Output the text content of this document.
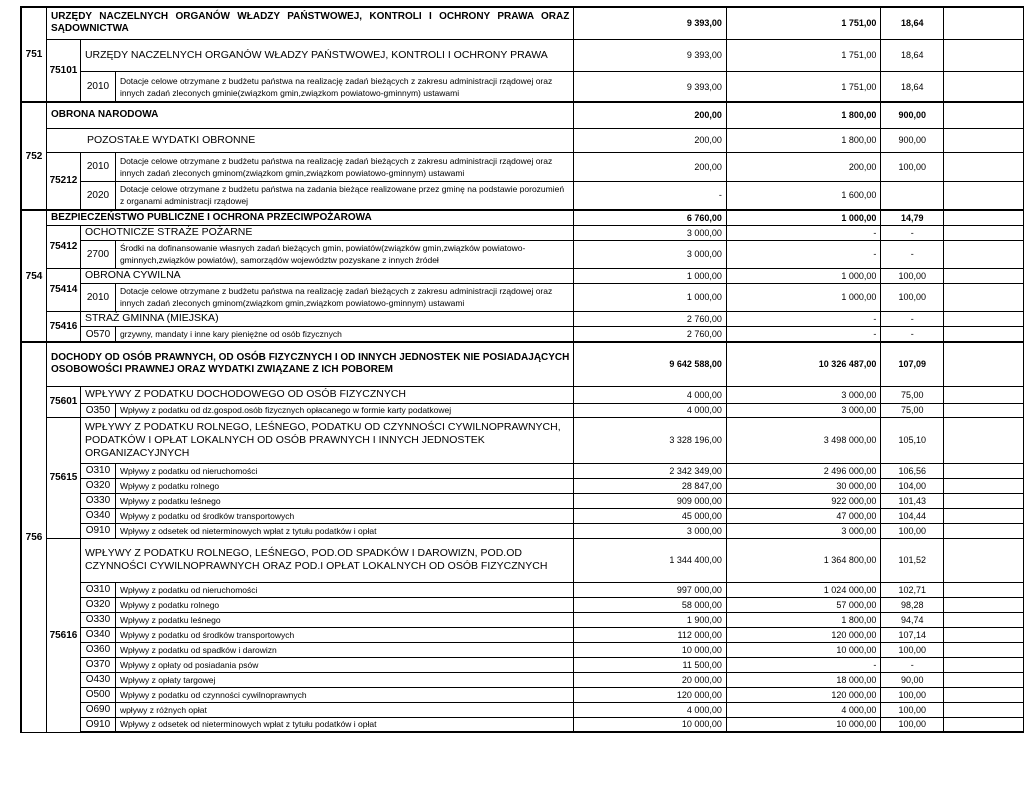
751	URZĘDY NACZELNYCH ORGANÓW WŁADZY PAŃSTWOWEJ, KONTROLI I OCHRONY PRAWA ORAZ SĄDOWNICTWA			9 393,00	1 751,00	18,64	
	75101	URZĘDY NACZELNYCH ORGANÓW WŁADZY PAŃSTWOWEJ, KONTROLI I OCHRONY PRAWA		9 393,00	1 751,00	18,64	
		2010	Dotacje celowe otrzymane z budżetu państwa na realizację zadań bieżących z zakresu administracji rządowej oraz innych zadań zleconych gminie(związkom gmin,związkom powiatowo-gminnym) ustawami	9 393,00	1 751,00	18,64	

752	OBRONA NARODOWA			200,00	1 800,00	900,00	
	POZOSTAŁE WYDATKI OBRONNE			200,00	1 800,00	900,00	
	75212	2010	Dotacje celowe otrzymane z budżetu państwa na realizację zadań bieżących z zakresu administracji rządowej oraz innych zadań zleconych gminom(związkom gmin,związkom powiatowo-gminnym) ustawami	200,00	200,00	100,00	
		2020	Dotacje celowe otrzymane z budżetu państwa na zadania bieżące realizowane przez gminę na podstawie porozumień z organami administracji rządowej	-	1 600,00		
754	BEZPIECZEŃSTWO PUBLICZNE I OCHRONA PRZECIWPOŻAROWA			6 760,00	1 000,00	14,79	
	75412	OCHOTNICZE STRAŻE POŻARNE		3 000,00	-	-	
		2700	Środki na dofinansowanie własnych zadań bieżących gmin, powiatów(związków gmin,związków powiatowo-gminnych,związków powiatów), samorządów województw pozyskane z innych źródeł	3 000,00	-	-	
	75414	OBRONA CYWILNA		1 000,00	1 000,00	100,00	
		2010	Dotacje celowe otrzymane z budżetu państwa na realizację zadań bieżących z zakresu administracji rządowej oraz innych zadań zleconych gminom(związkom gmin,związkom powiatowo-gminnym) ustawami	1 000,00	1 000,00	100,00	
	75416	STRAŻ GMINNA (MIEJSKA)		2 760,00	-	-	
		O570	grzywny, mandaty i inne kary pieniężne od osób fizycznych	2 760,00	-	-	

756	DOCHODY OD OSÓB PRAWNYCH, OD OSÓB FIZYCZNYCH I OD INNYCH JEDNOSTEK NIE POSIADAJĄCYCH OSOBOWOŚCI PRAWNEJ ORAZ WYDATKI ZWIĄZANE Z ICH POBOREM			9 642 588,00	10 326 487,00	107,09	
	75601	WPŁYWY Z PODATKU DOCHODOWEGO OD OSÓB FIZYCZNYCH		4 000,00	3 000,00	75,00	
		O350	Wpływy z podatku od dz.gospod.osób fizycznych opłacanego w formie karty podatkowej	4 000,00	3 000,00	75,00	
	75615	WPŁYWY Z PODATKU ROLNEGO, LEŚNEGO, PODATKU OD CZYNNOŚCI CYWILNOPRAWNYCH, PODATKÓW I OPŁAT LOKALNYCH OD OSÓB PRAWNYCH I INNYCH JEDNOSTEK ORGANIZACYJNYCH		3 328 196,00	3 498 000,00	105,10	
		O310	Wpływy z podatku od nieruchomości	2 342 349,00	2 496 000,00	106,56	
		O320	Wpływy z podatku rolnego	28 847,00	30 000,00	104,00	
		O330	Wpływy z podatku leśnego	909 000,00	922 000,00	101,43	
		O340	Wpływy z podatku od środków transportowych	45 000,00	47 000,00	104,44	
		O910	Wpływy z odsetek od nieterminowych wpłat z tytułu podatków i opłat	3 000,00	3 000,00	100,00	
	75616	WPŁYWY Z PODATKU ROLNEGO, LEŚNEGO, POD.OD SPADKÓW I DAROWIZN, POD.OD CZYNNOŚCI CYWILNOPRAWNYCH ORAZ POD.I OPŁAT LOKALNYCH OD OSÓB FIZYCZNYCH		1 344 400,00	1 364 800,00	101,52	
		O310	Wpływy z podatku od nieruchomości	997 000,00	1 024 000,00	102,71	
		O320	Wpływy z podatku rolnego	58 000,00	57 000,00	98,28	
		O330	Wpływy z podatku leśnego	1 900,00	1 800,00	94,74	
		O340	Wpływy z podatku od środków transportowych	112 000,00	120 000,00	107,14	
		O360	Wpływy z podatku od spadków i darowizn	10 000,00	10 000,00	100,00	
		O370	Wpływy z opłaty od posiadania psów	11 500,00	-	-	
		O430	Wpływy z opłaty targowej	20 000,00	18 000,00	90,00	
		O500	Wpływy z podatku od czynności cywilnoprawnych	120 000,00	120 000,00	100,00	
		O690	wpływy z różnych opłat	4 000,00	4 000,00	100,00	
		O910	Wpływy z odsetek od nieterminowych wpłat z tytułu podatków i opłat	10 000,00	10 000,00	100,00	
